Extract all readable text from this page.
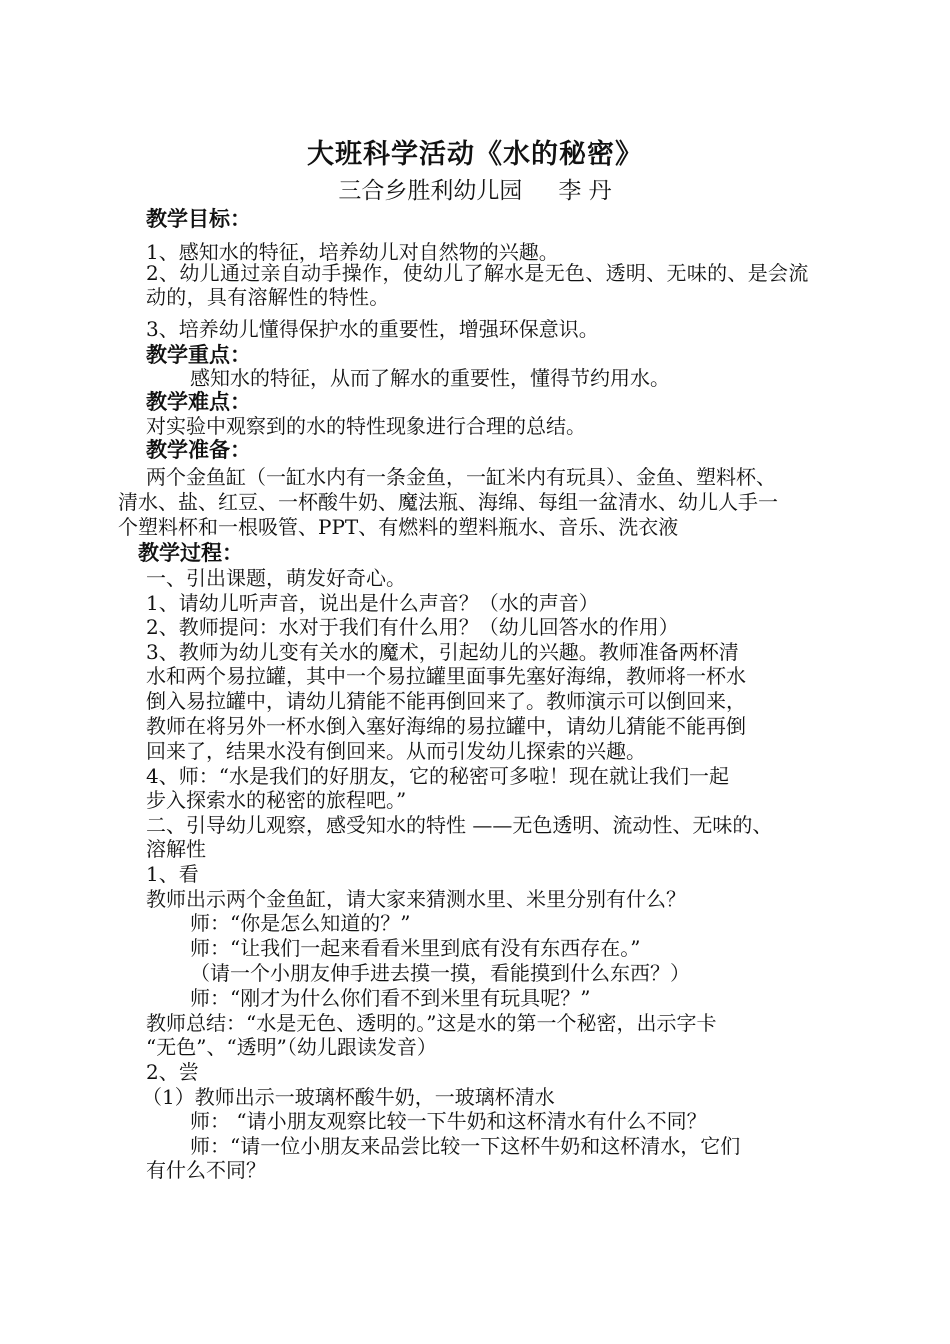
大班科学活动《水的秘密》
三合乡胜利幼儿园 李 丹
教学目标：
1、感知水的特征，培养幼儿对自然物的兴趣。
2、幼儿通过亲自动手操作，使幼儿了解水是无色、透明、无味的、是会流动的，具有溶解性的特性。
3、培养幼儿懂得保护水的重要性，增强环保意识。
教学重点：
感知水的特征，从而了解水的重要性，懂得节约用水。
教学难点：
对实验中观察到的水的特性现象进行合理的总结。
教学准备：
两个金鱼缸（一缸水内有一条金鱼，一缸米内有玩具）、金鱼、塑料杯、
清水、盐、红豆、一杯酸牛奶、魔法瓶、海绵、每组一盆清水、幼儿人手一
个塑料杯和一根吸管、PPT、有燃料的塑料瓶水、音乐、洗衣液
教学过程：
一、引出课题，萌发好奇心。
1、请幼儿听声音，说出是什么声音？（水的声音）
2、教师提问：水对于我们有什么用？（幼儿回答水的作用）
3、教师为幼儿变有关水的魔术，引起幼儿的兴趣。教师准备两杯清
水和两个易拉罐，其中一个易拉罐里面事先塞好海绵，教师将一杯水
倒入易拉罐中，请幼儿猜能不能再倒回来了。教师演示可以倒回来，
教师在将另外一杯水倒入塞好海绵的易拉罐中，请幼儿猜能不能再倒
回来了，结果水没有倒回来。从而引发幼儿探索的兴趣。
4、师：“水是我们的好朋友，它的秘密可多啦！现在就让我们一起
步入探索水的秘密的旅程吧。”
二、引导幼儿观察，感受知水的特性 ——无色透明、流动性、无味的、
溶解性
1、看
教师出示两个金鱼缸，请大家来猜测水里、米里分别有什么？
师：“你是怎么知道的？”
师：“让我们一起来看看米里到底有没有东西存在。”
（请一个小朋友伸手进去摸一摸，看能摸到什么东西？）
师：“刚才为什么你们看不到米里有玩具呢？”
教师总结：“水是无色、透明的。”这是水的第一个秘密，出示字卡
“无色”、“透明”（幼儿跟读发音）
2、尝
（1）教师出示一玻璃杯酸牛奶，一玻璃杯清水
师： “请小朋友观察比较一下牛奶和这杯清水有什么不同？
师：“请一位小朋友来品尝比较一下这杯牛奶和这杯清水，它们
有什么不同？
